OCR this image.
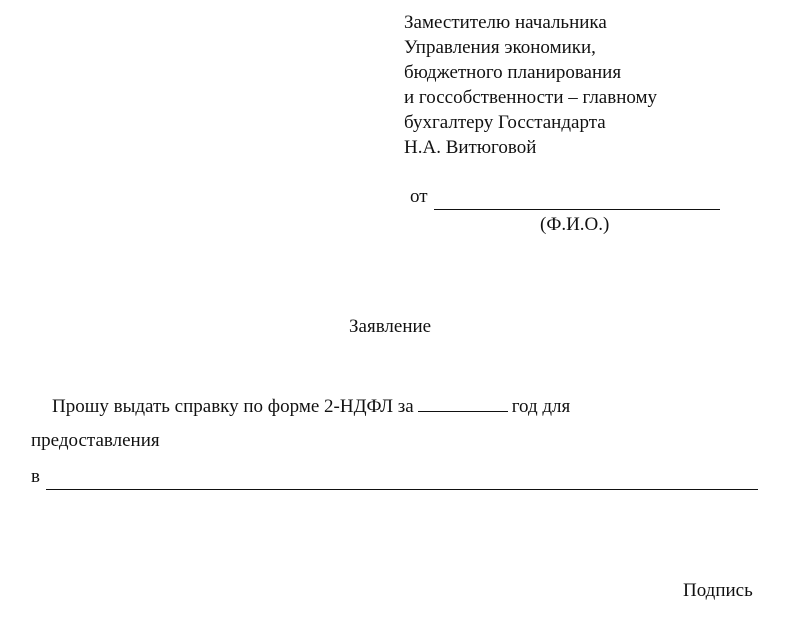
Заместителю начальника
Управления экономики,
бюджетного планирования
и госсобственности – главному
бухгалтеру Госстандарта
Н.А. Витюговой
от
(Ф.И.О.)
Заявление
Прошу выдать справку по форме 2-НДФЛ за	год для
предоставления
в
Подпись
